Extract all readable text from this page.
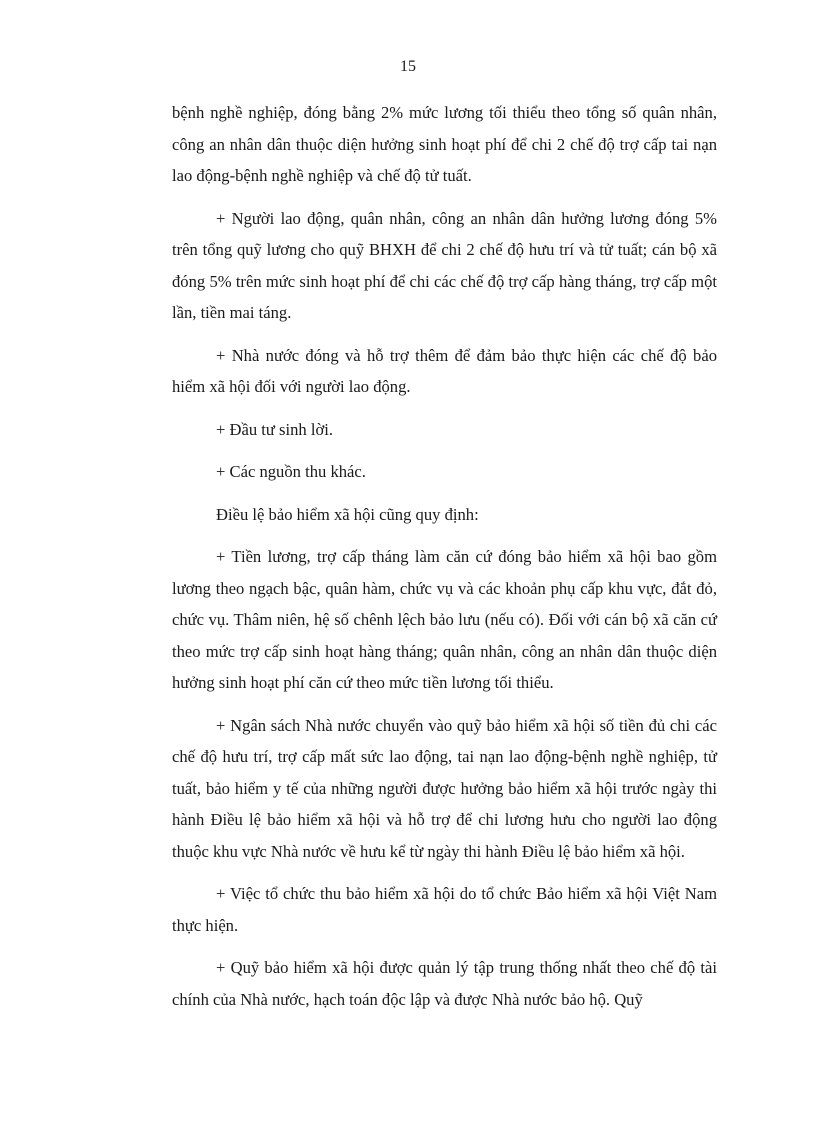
15

bệnh nghề nghiệp, đóng bằng 2% mức lương tối thiểu theo tổng số quân nhân, công an nhân dân thuộc diện hưởng sinh hoạt phí để chi 2 chế độ trợ cấp tai nạn lao động-bệnh nghề nghiệp và chế độ tử tuất.

+ Người lao động, quân nhân, công an nhân dân hưởng lương đóng 5% trên tổng quỹ lương cho quỹ BHXH để chi 2 chế độ hưu trí và tử tuất; cán bộ xã đóng 5% trên mức sinh hoạt phí để chi các chế độ trợ cấp hàng tháng, trợ cấp một lần, tiền mai táng.

+ Nhà nước đóng và hỗ trợ thêm để đảm bảo thực hiện các chế độ bảo hiểm xã hội đối với người lao động.

+ Đầu tư sinh lời.

+ Các nguồn thu khác.

Điều lệ bảo hiểm xã hội cũng quy định:

+ Tiền lương, trợ cấp tháng làm căn cứ đóng bảo hiểm xã hội bao gồm lương theo ngạch bậc, quân hàm, chức vụ và các khoản phụ cấp khu vực, đắt đỏ, chức vụ. Thâm niên, hệ số chênh lệch bảo lưu (nếu có). Đối với cán bộ xã căn cứ theo mức trợ cấp sinh hoạt hàng tháng; quân nhân, công an nhân dân thuộc diện hưởng sinh hoạt phí căn cứ theo mức tiền lương tối thiểu.

+ Ngân sách Nhà nước chuyển vào quỹ bảo hiểm xã hội số tiền đủ chi các chế độ hưu trí, trợ cấp mất sức lao động, tai nạn lao động-bệnh nghề nghiệp, tử tuất, bảo hiểm y tế của những người được hưởng bảo hiểm xã hội trước ngày thi hành Điều lệ bảo hiểm xã hội và hỗ trợ để chi lương hưu cho người lao động thuộc khu vực Nhà nước về hưu kể từ ngày thi hành Điều lệ bảo hiểm xã hội.

+ Việc tổ chức thu bảo hiểm xã hội do tổ chức Bảo hiểm xã hội Việt Nam thực hiện.

+ Quỹ bảo hiểm xã hội được quản lý tập trung thống nhất theo chế độ tài chính của Nhà nước, hạch toán độc lập và được Nhà nước bảo hộ. Quỹ
